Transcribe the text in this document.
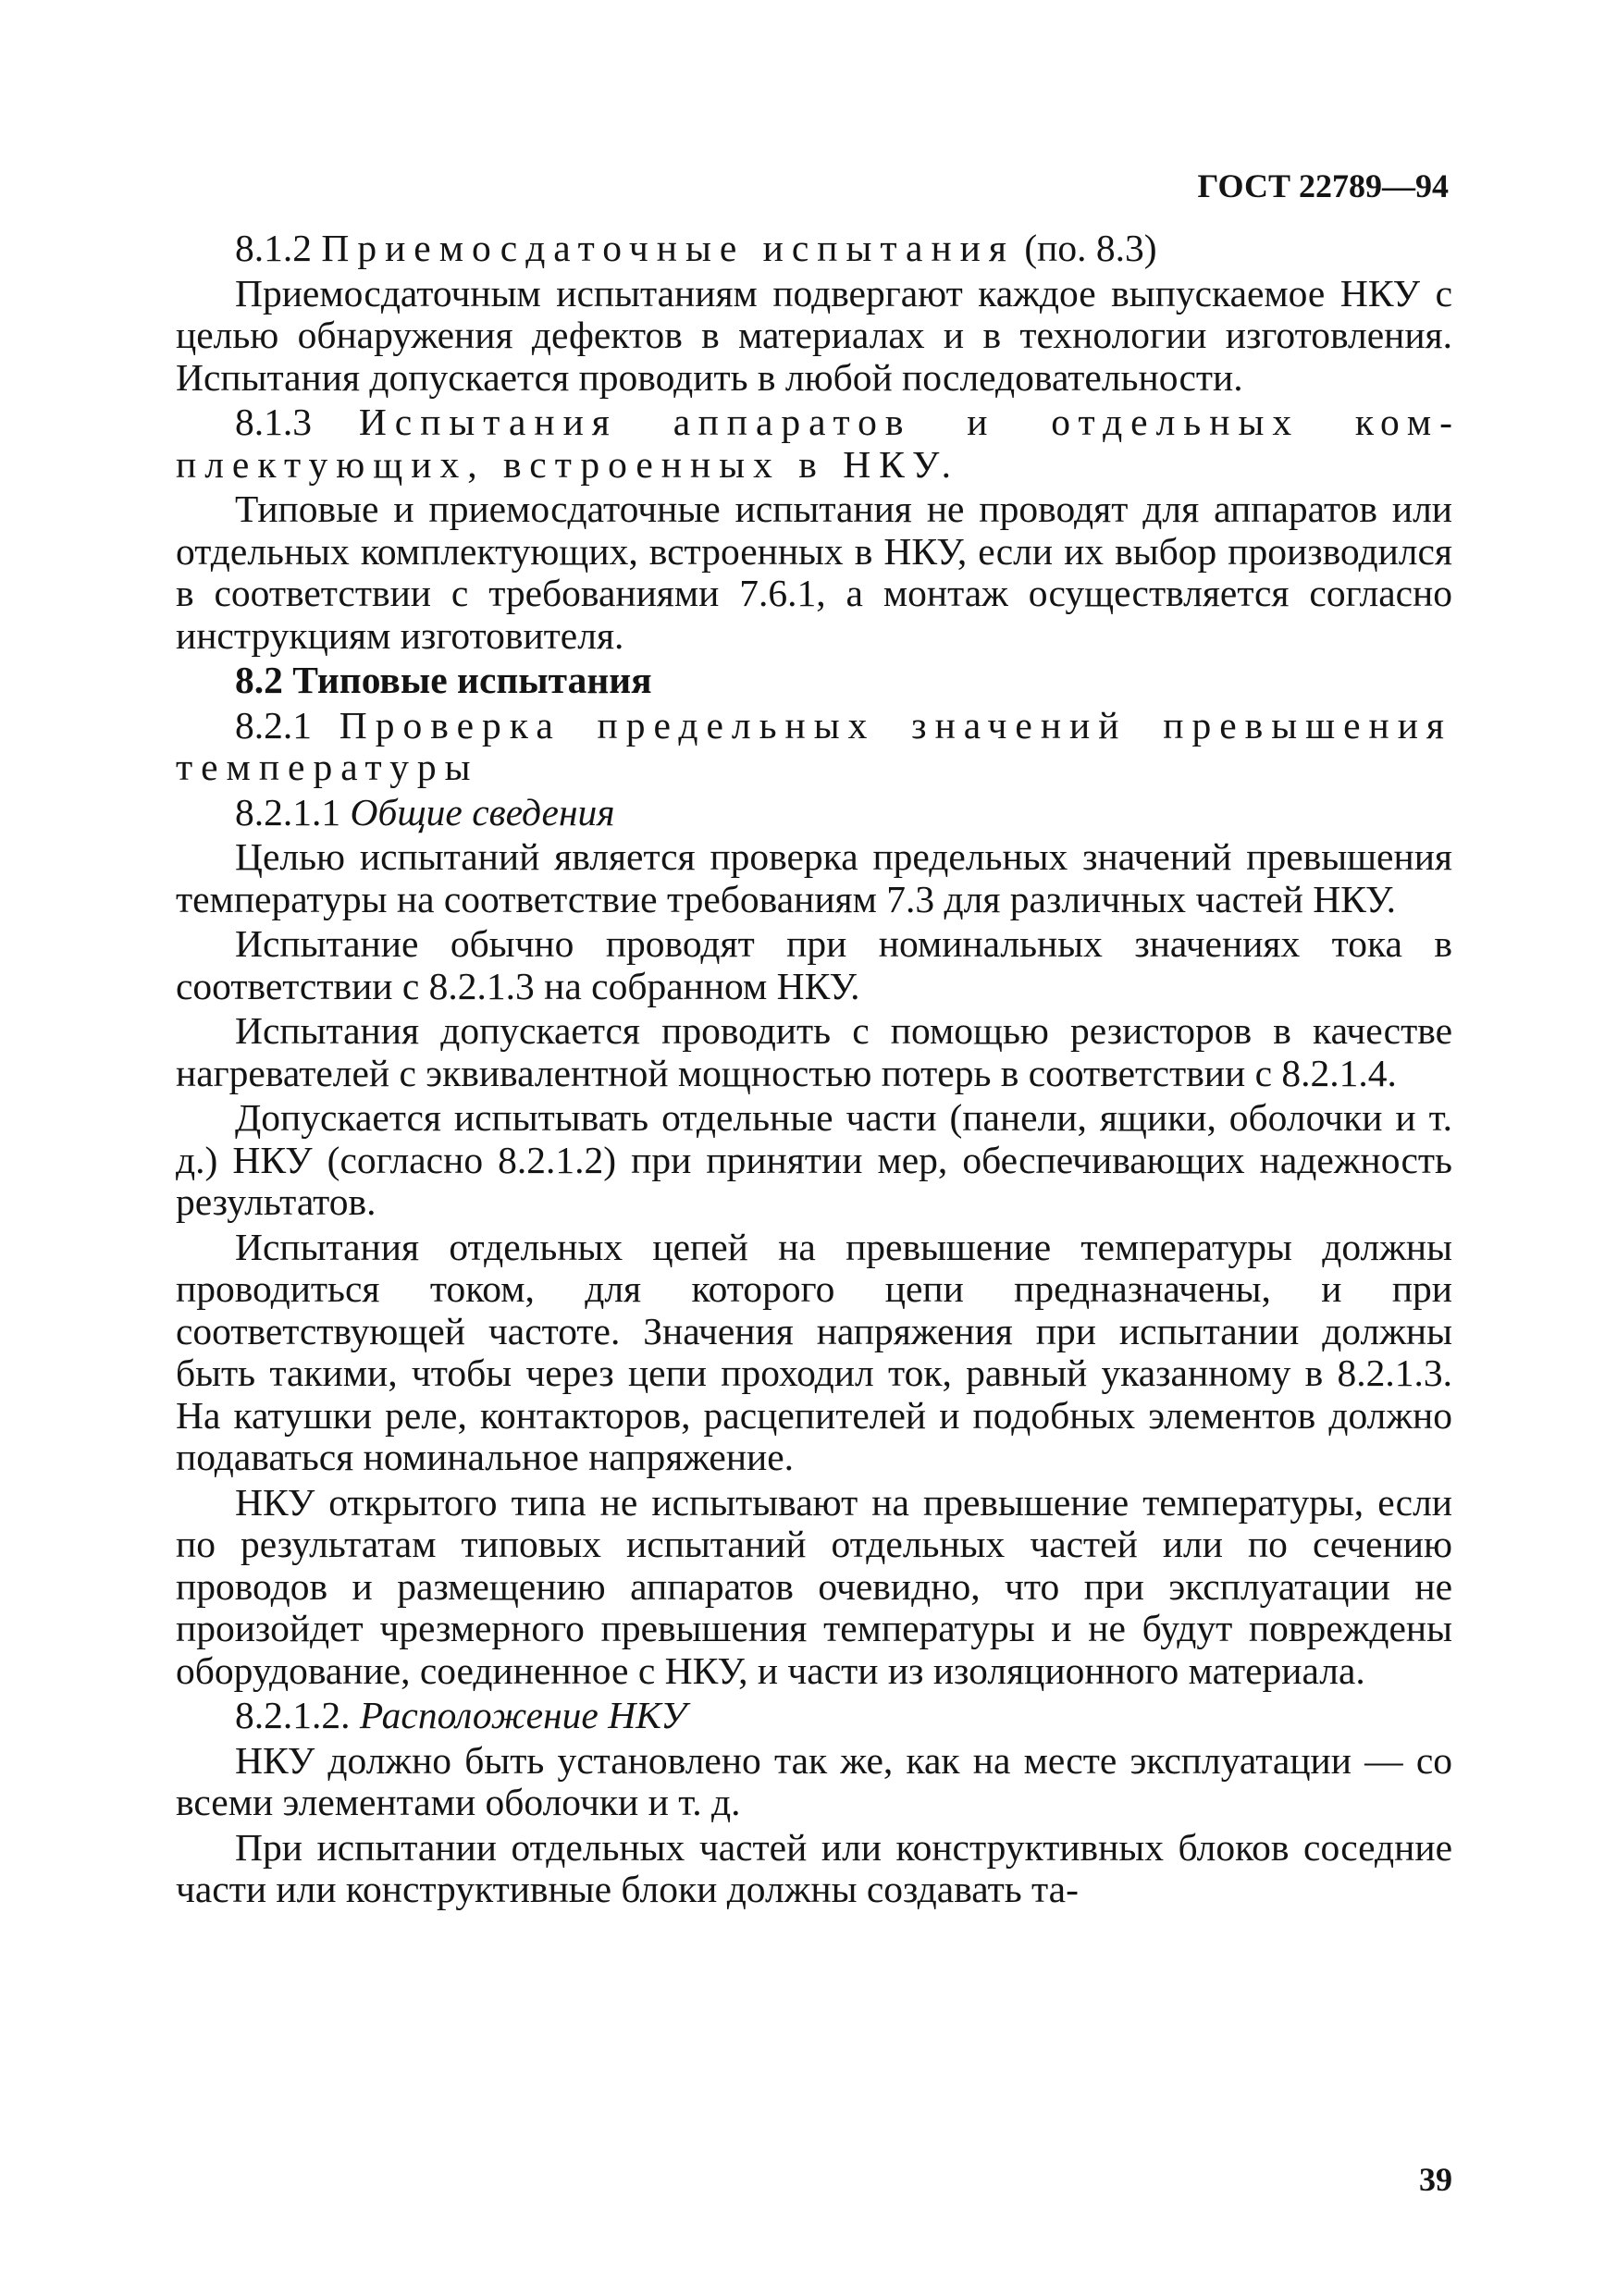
ГОСТ 22789—94

8.1.2 Приемосдаточные испытания (по. 8.3)

Приемосдаточным испытаниям подвергают каждое выпускаемое НКУ с целью обнаружения дефектов в материалах и в технологии изготовления. Испытания допускается проводить в любой последовательности.

8.1.3 Испытания аппаратов и отдельных комплектующих, встроенных в НКУ.

Типовые и приемосдаточные испытания не проводят для аппаратов или отдельных комплектующих, встроенных в НКУ, если их выбор производился в соответствии с требованиями 7.6.1, а монтаж осуществляется согласно инструкциям изготовителя.

8.2 Типовые испытания

8.2.1 Проверка предельных значений превышения температуры

8.2.1.1 Общие сведения

Целью испытаний является проверка предельных значений превышения температуры на соответствие требованиям 7.3 для различных частей НКУ.

Испытание обычно проводят при номинальных значениях тока в соответствии с 8.2.1.3 на собранном НКУ.

Испытания допускается проводить с помощью резисторов в качестве нагревателей с эквивалентной мощностью потерь в соответствии с 8.2.1.4.

Допускается испытывать отдельные части (панели, ящики, оболочки и т. д.) НКУ (согласно 8.2.1.2) при принятии мер, обеспечивающих надежность результатов.

Испытания отдельных цепей на превышение температуры должны проводиться током, для которого цепи предназначены, и при соответствующей частоте. Значения напряжения при испытании должны быть такими, чтобы через цепи проходил ток, равный указанному в 8.2.1.3. На катушки реле, контакторов, расцепителей и подобных элементов должно подаваться номинальное напряжение.

НКУ открытого типа не испытывают на превышение температуры, если по результатам типовых испытаний отдельных частей или по сечению проводов и размещению аппаратов очевидно, что при эксплуатации не произойдет чрезмерного превышения температуры и не будут повреждены оборудование, соединенное с НКУ, и части из изоляционного материала.

8.2.1.2. Расположение НКУ

НКУ должно быть установлено так же, как на месте эксплуатации — со всеми элементами оболочки и т. д.

При испытании отдельных частей или конструктивных блоков соседние части или конструктивные блоки должны создавать та-

39
